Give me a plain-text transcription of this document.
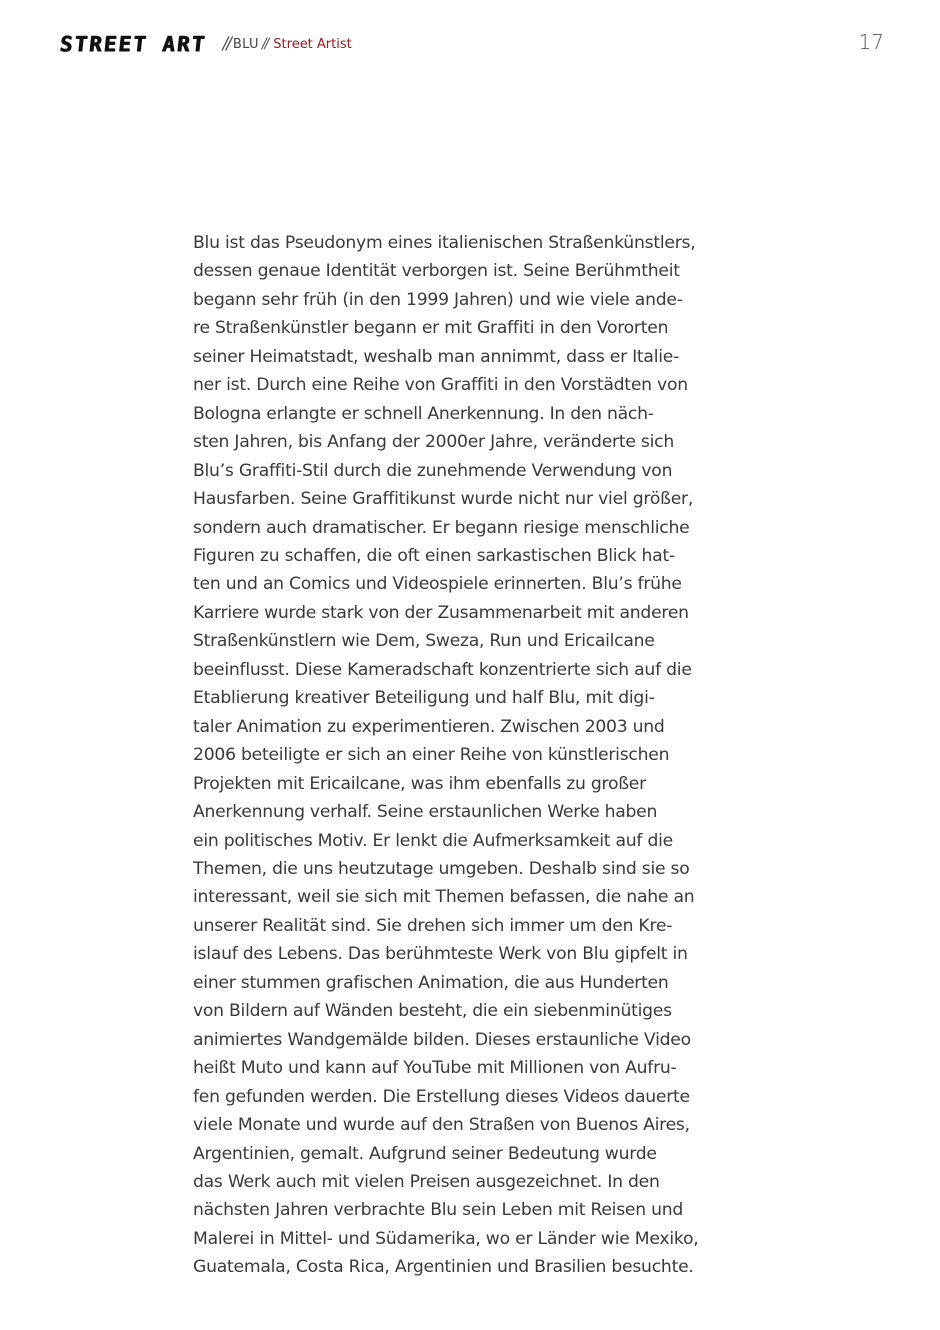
STREET ART // BLU // Street Artist	17

Blu ist das Pseudonym eines italienischen Straßenkünstlers,
dessen genaue Identität verborgen ist. Seine Berühmtheit
begann sehr früh (in den 1999 Jahren) und wie viele ande-
re Straßenkünstler begann er mit Graffiti in den Vororten
seiner Heimatstadt, weshalb man annimmt, dass er Italie-
ner ist. Durch eine Reihe von Graffiti in den Vorstädten von
Bologna erlangte er schnell Anerkennung. In den näch-
sten Jahren, bis Anfang der 2000er Jahre, veränderte sich
Blu’s Graffiti-Stil durch die zunehmende Verwendung von
Hausfarben. Seine Graffitikunst wurde nicht nur viel größer,
sondern auch dramatischer. Er begann riesige menschliche
Figuren zu schaffen, die oft einen sarkastischen Blick hat-
ten und an Comics und Videospiele erinnerten. Blu’s frühe
Karriere wurde stark von der Zusammenarbeit mit anderen
Straßenkünstlern wie Dem, Sweza, Run und Ericailcane
beeinflusst. Diese Kameradschaft konzentrierte sich auf die
Etablierung kreativer Beteiligung und half Blu, mit digi-
taler Animation zu experimentieren. Zwischen 2003 und
2006 beteiligte er sich an einer Reihe von künstlerischen
Projekten mit Ericailcane, was ihm ebenfalls zu großer
Anerkennung verhalf. Seine erstaunlichen Werke haben
ein politisches Motiv. Er lenkt die Aufmerksamkeit auf die
Themen, die uns heutzutage umgeben. Deshalb sind sie so
interessant, weil sie sich mit Themen befassen, die nahe an
unserer Realität sind. Sie drehen sich immer um den Kre-
islauf des Lebens. Das berühmteste Werk von Blu gipfelt in
einer stummen grafischen Animation, die aus Hunderten
von Bildern auf Wänden besteht, die ein siebenminütiges
animiertes Wandgemälde bilden. Dieses erstaunliche Video
heißt Muto und kann auf YouTube mit Millionen von Aufru-
fen gefunden werden. Die Erstellung dieses Videos dauerte
viele Monate und wurde auf den Straßen von Buenos Aires,
Argentinien, gemalt. Aufgrund seiner Bedeutung wurde
das Werk auch mit vielen Preisen ausgezeichnet. In den
nächsten Jahren verbrachte Blu sein Leben mit Reisen und
Malerei in Mittel- und Südamerika, wo er Länder wie Mexiko,
Guatemala, Costa Rica, Argentinien und Brasilien besuchte.
